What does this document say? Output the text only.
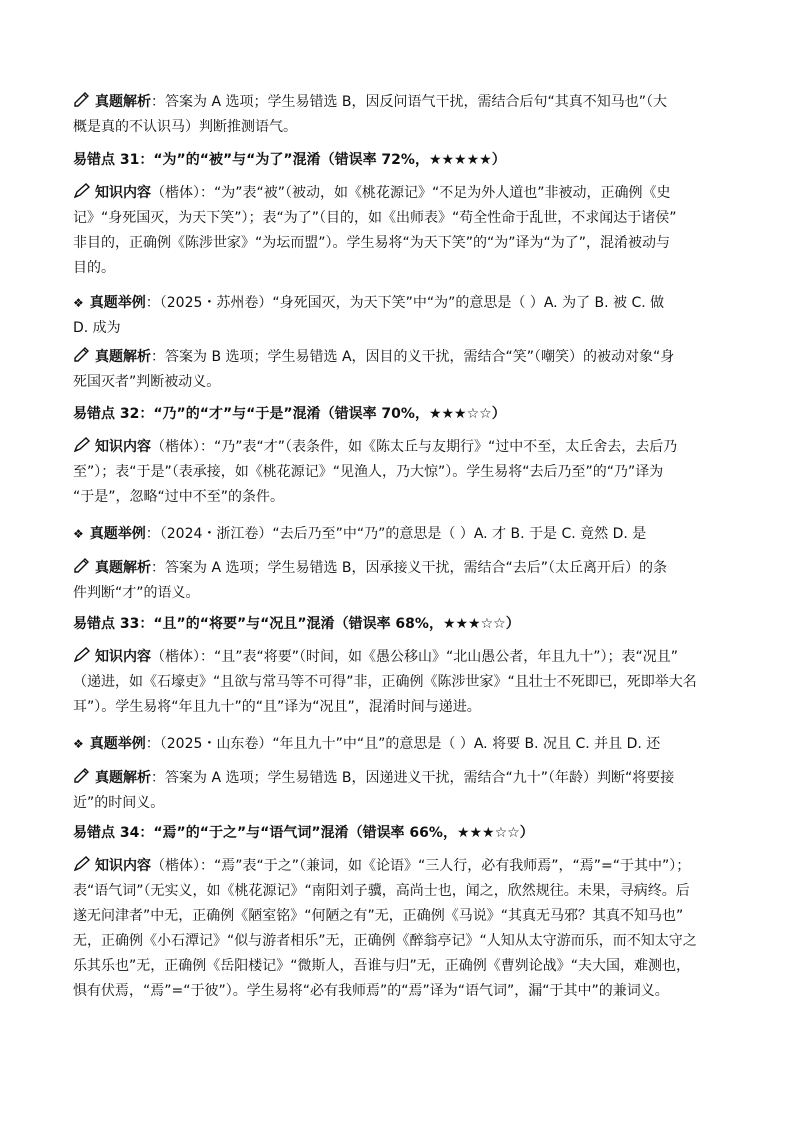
真题解析：答案为 A 选项；学生易错选 B，因反问语气干扰，需结合后句“其真不知马也”（大
概是真的不认识马）判断推测语气。

易错点 31：“为”的“被”与“为了”混淆（错误率 72%，★★★★★）

知识内容（楷体）：“为”表“被”（被动，如《桃花源记》“不足为外人道也”非被动，正确例《史
记》“身死国灭，为天下笑”）；表“为了”（目的，如《出师表》“苟全性命于乱世，不求闻达于诸侯”
非目的，正确例《陈涉世家》“为坛而盟”）。学生易将“为天下笑”的“为”译为“为了”，混淆被动与
目的。

❖ 真题举例：（2025・苏州卷）“身死国灭，为天下笑”中“为”的意思是（ ）A. 为了 B. 被 C. 做
D. 成为

真题解析：答案为 B 选项；学生易错选 A，因目的义干扰，需结合“笑”（嘲笑）的被动对象“身
死国灭者”判断被动义。

易错点 32：“乃”的“才”与“于是”混淆（错误率 70%，★★★☆☆）

知识内容（楷体）：“乃”表“才”（表条件，如《陈太丘与友期行》“过中不至，太丘舍去，去后乃
至”）；表“于是”（表承接，如《桃花源记》“见渔人，乃大惊”）。学生易将“去后乃至”的“乃”译为
“于是”，忽略“过中不至”的条件。

❖ 真题举例：（2024・浙江卷）“去后乃至”中“乃”的意思是（ ）A. 才 B. 于是 C. 竟然 D. 是

真题解析：答案为 A 选项；学生易错选 B，因承接义干扰，需结合“去后”（太丘离开后）的条
件判断“才”的语义。

易错点 33：“且”的“将要”与“况且”混淆（错误率 68%，★★★☆☆）

知识内容（楷体）：“且”表“将要”（时间，如《愚公移山》“北山愚公者，年且九十”）；表“况且”
（递进，如《石壕吏》“且欲与常马等不可得”非，正确例《陈涉世家》“且壮士不死即已，死即举大名
耳”）。学生易将“年且九十”的“且”译为“况且”，混淆时间与递进。

❖ 真题举例：（2025・山东卷）“年且九十”中“且”的意思是（ ）A. 将要 B. 况且 C. 并且 D. 还

真题解析：答案为 A 选项；学生易错选 B，因递进义干扰，需结合“九十”（年龄）判断“将要接
近”的时间义。

易错点 34：“焉”的“于之”与“语气词”混淆（错误率 66%，★★★☆☆）

知识内容（楷体）：“焉”表“于之”（兼词，如《论语》“三人行，必有我师焉”，“焉”=“于其中”）；
表“语气词”（无实义，如《桃花源记》“南阳刘子骥，高尚士也，闻之，欣然规往。未果，寻病终。后
遂无问津者”中无，正确例《陋室铭》“何陋之有”无，正确例《马说》“其真无马邪？其真不知马也”
无，正确例《小石潭记》“似与游者相乐”无，正确例《醉翁亭记》“人知从太守游而乐，而不知太守之
乐其乐也”无，正确例《岳阳楼记》“微斯人，吾谁与归”无，正确例《曹刿论战》“夫大国，难测也，
惧有伏焉，“焉”=“于彼”）。学生易将“必有我师焉”的“焉”译为“语气词”，漏“于其中”的兼词义。
